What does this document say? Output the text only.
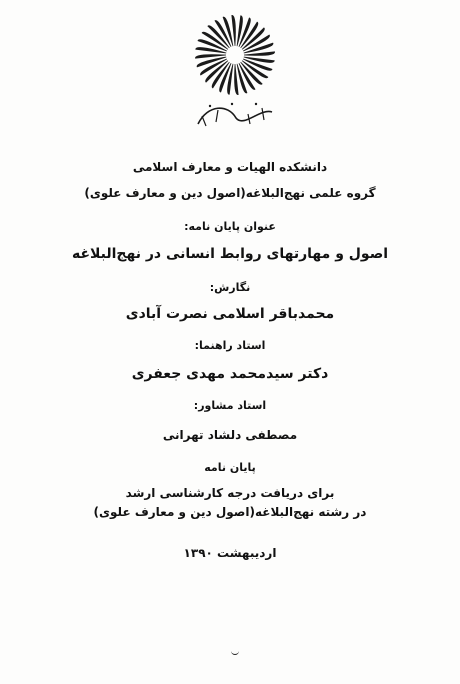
دانشکده الهیات و معارف اسلامی
گروه علمی نهج‌البلاغه(اصول دین و معارف علوی)
عنوان پایان نامه:
اصول و مهارتهای روابط انسانی در نهج‌البلاغه
نگارش:
محمدباقر اسلامی نصرت آبادی
استاد راهنما:
دکتر سیدمحمد مهدی جعفری
استاد مشاور:
مصطفی دلشاد تهرانی
پایان نامه
برای دریافت درجه کارشناسی ارشد
در رشته نهج‌البلاغه(اصول دین و معارف علوی)
اردیبهشت ۱۳۹۰
